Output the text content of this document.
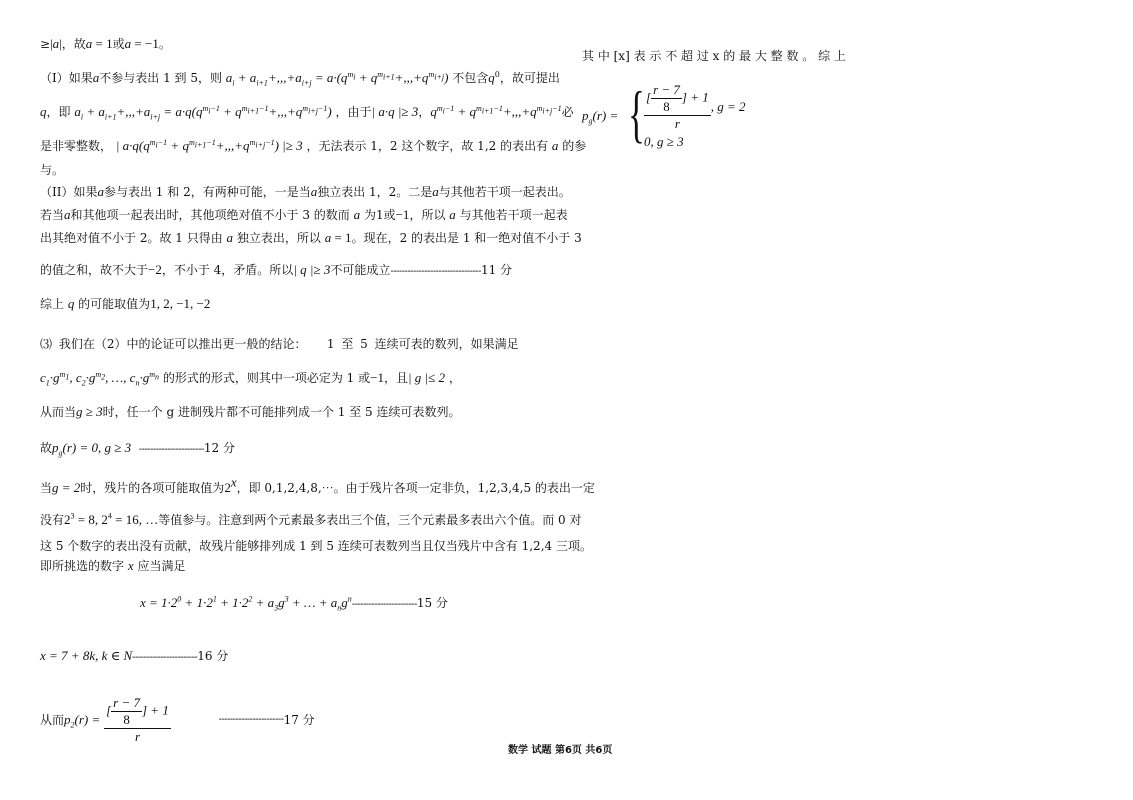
≥|a|，故a = 1或a = −1。
（I）如果a不参与表出 1 到 5，则 $a_i + a_{i+1}+,,,+a_{i+j} = a\cdot(q^{m_i} + q^{m_{i+1}}+,,,+q^{m_{i+j}})$ 不包含$q^0$，故可提出
q，即 $a_i + a_{i+1}+,,,+a_{i+j} = a\cdot q(q^{m_i-1} + q^{m_{i+1}-1}+,,,+q^{m_{i+j}-1})$ ，由于| a·q |≥ 3，$q^{m_i-1} + q^{m_{i+1}-1}+,,,+q^{m_{i+j}-1}$必
是非零整数， | $a\cdot q(q^{m_i-1} + q^{m_{i+1}-1}+,,,+q^{m_{i+j}-1})$ |≥ 3 ，无法表示 1，2 这个数字，故 1,2 的表出有 a 的参
与。
（II）如果a参与表出 1 和 2，有两种可能，一是当a独立表出 1，2。二是a与其他若干项一起表出。
若当a和其他项一起表出时，其他项绝对值不小于 3 的数而 a 为1或−1，所以 a 与其他若干项一起表
出其绝对值不小于 2。故 1 只得由 a 独立表出，所以 a = 1。现在，2 的表出是 1 和一绝对值不小于 3
的值之和，故不大于−2，不小于 4，矛盾。所以| q |≥ 3不可能成立--------------------------------11 分
综上 q 的可能取值为1, 2, −1, −2
⑶ 我们在（2）中的论证可以推出更一般的结论： 1 至 5 连续可表的数列，如果满足
$c_1\cdot g^{m_1}$, $c_2\cdot g^{m_2}$, …, $c_n\cdot g^{m_n}$ 的形式的形式，则其中一项必定为 1 或−1，且| g |≤ 2 ，
从而当g ≥ 3时，任一个 g 进制残片都不可能排列成一个 1 至 5 连续可表数列。
故$p_g(r) = 0$, g ≥ 3 -----------------------12 分
当g = 2时，残片的各项可能取值为2$^x$，即 0,1,2,4,8,⋯。由于残片各项一定非负，1,2,3,4,5 的表出一定
没有$2^3 = 8$, $2^4 = 16$, …等值参与。注意到两个元素最多表出三个值，三个元素最多表出六个值。而 0 对
这 5 个数字的表出没有贡献，故残片能够排列成 1 到 5 连续可表数列当且仅当残片中含有 1,2,4 三项。
即所挑选的数字 x 应当满足
$x = 1\cdot 2^0 + 1\cdot 2^1 + 1\cdot 2^2 + a_3g^3$ + … + $a_ng^n-----------------------15$ 分
x = 7 + 8k, k ∈ N-----------------------16 分
从而$p_2(r) = \frac{[ \frac{r - 7}{8} ] + 1}{r}$	-----------------------17 分
其 中 [x] 表 示 不 超 过 x 的 最 大 整 数 。 综 上
$p_g(r)$ = { $\frac{[ \frac{r - 7}{8} ] + 1}{r}$ , g = 2
0, g ≥ 3
数学 试题 第6页 共6页
